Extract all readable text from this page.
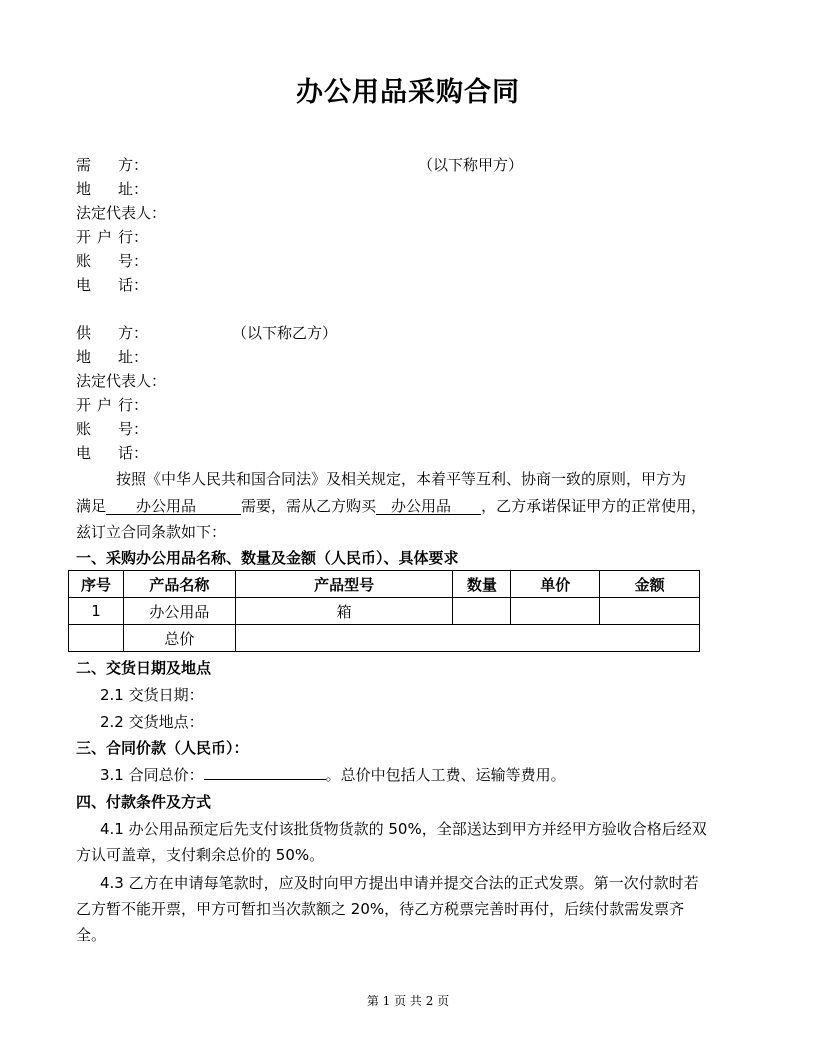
办公用品采购合同
需 方：	（以下称甲方）
地 址：
法定代表人：
开 户 行：
账 号：
电 话：
供 方：	（以下称乙方）
地 址：
法定代表人：
开 户 行：
账 号：
电 话：
按照《中华人民共和国合同法》及相关规定，本着平等互利、协商一致的原则，甲方为
满足　　办公用品　　　需要，需从乙方购买　办公用品　　，乙方承诺保证甲方的正常使用，
兹订立合同条款如下：
一、采购办公用品名称、数量及金额（人民币）、具体要求
序号	产品名称	产品型号	数量	单价	金额
1	办公用品	箱			
	总价				
二、交货日期及地点
2.1 交货日期：
2.2 交货地点：
三、合同价款（人民币）：
3.1 合同总价：	。总价中包括人工费、运输等费用。
四、付款条件及方式
4.1 办公用品预定后先支付该批货物货款的 50%，全部送达到甲方并经甲方验收合格后经双
方认可盖章，支付剩余总价的 50%。
4.3 乙方在申请每笔款时，应及时向甲方提出申请并提交合法的正式发票。第一次付款时若
乙方暂不能开票，甲方可暂扣当次款额之 20%，待乙方税票完善时再付，后续付款需发票齐
全。
第 1 页 共 2 页
